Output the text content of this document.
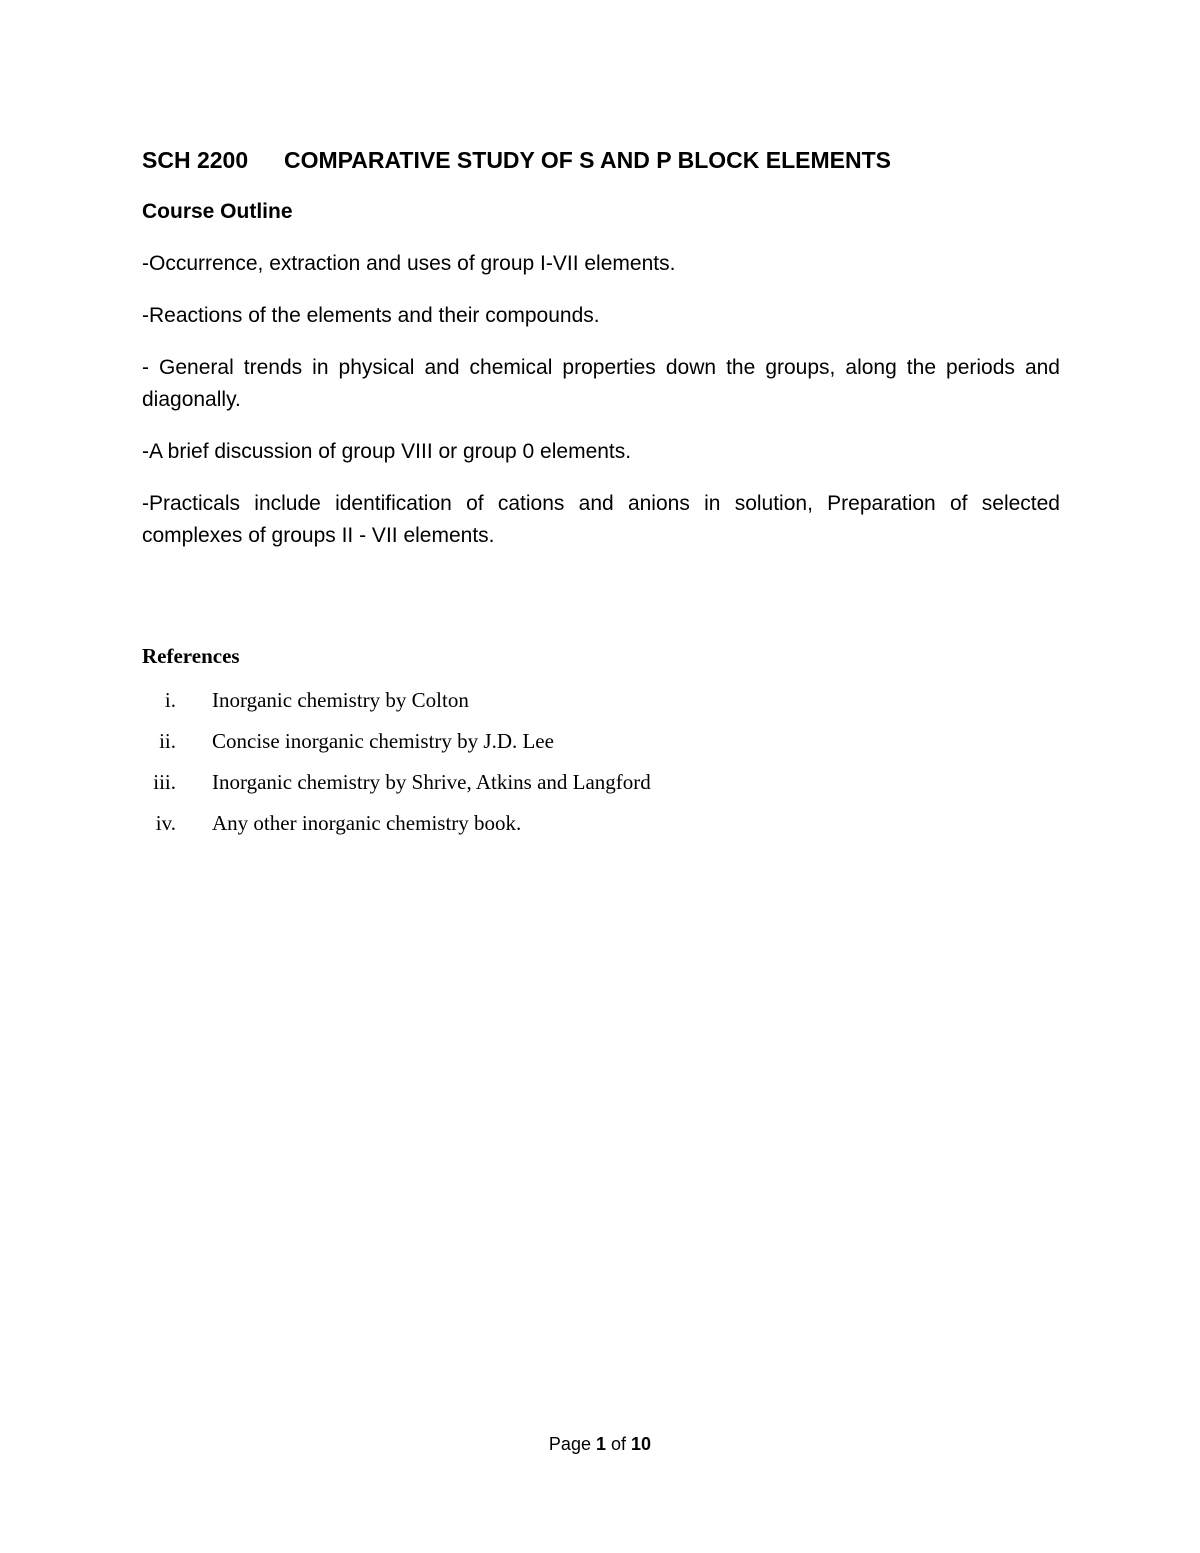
SCH 2200 COMPARATIVE STUDY OF S AND P BLOCK ELEMENTS
Course Outline

-Occurrence, extraction and uses of group I-VII elements.

-Reactions of the elements and their compounds.

- General trends in physical and chemical properties down the groups, along the periods and diagonally.

-A brief discussion of group VIII or group 0 elements.

-Practicals include identification of cations and anions in solution, Preparation of selected complexes of groups II - VII elements.

References
i. Inorganic chemistry by Colton
ii. Concise inorganic chemistry by J.D. Lee
iii. Inorganic chemistry by Shrive, Atkins and Langford
iv. Any other inorganic chemistry book.
Page 1 of 10
